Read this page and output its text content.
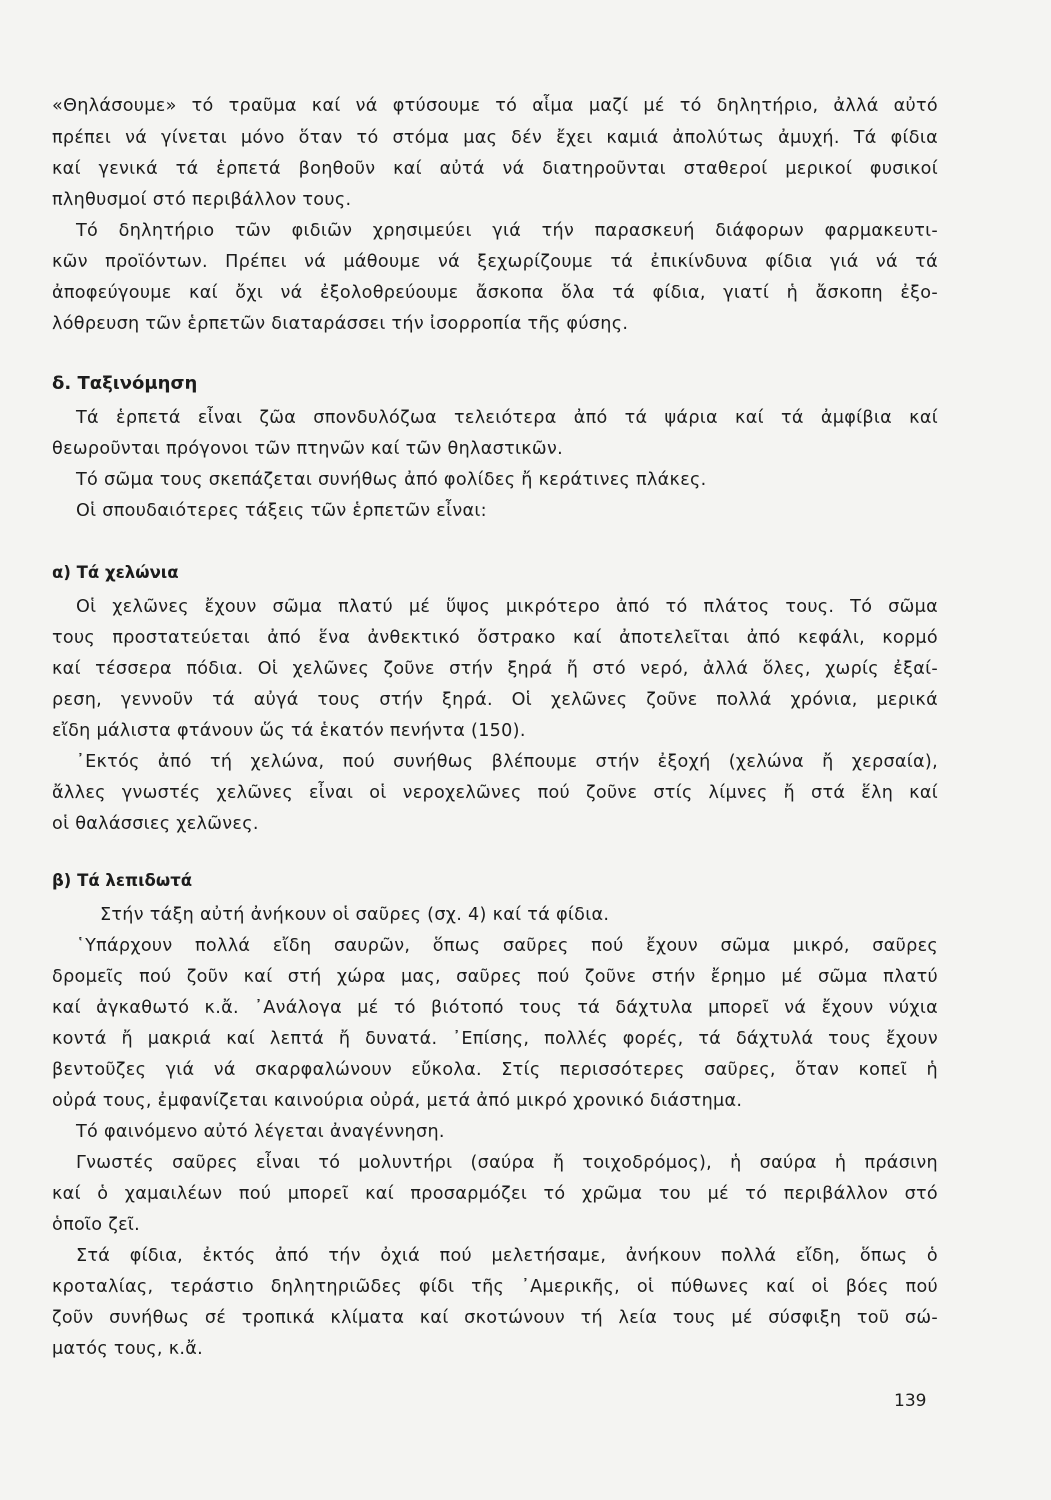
«Θηλάσουμε» τό τραῦμα καί νά φτύσουμε τό αἷμα μαζί μέ τό δηλητήριο, ἀλλά αὐτό
πρέπει νά γίνεται μόνο ὅταν τό στόμα μας δέν ἔχει καμιά ἀπολύτως ἀμυχή. Τά φίδια
καί γενικά τά ἑρπετά βοηθοῦν καί αὐτά νά διατηροῦνται σταθεροί μερικοί φυσικοί
πληθυσμοί στό περιβάλλον τους.
Τό δηλητήριο τῶν φιδιῶν χρησιμεύει γιά τήν παρασκευή διάφορων φαρμακευτι-
κῶν προϊόντων. Πρέπει νά μάθουμε νά ξεχωρίζουμε τά ἐπικίνδυνα φίδια γιά νά τά
ἀποφεύγουμε καί ὄχι νά ἐξολοθρεύουμε ἄσκοπα ὅλα τά φίδια, γιατί ἡ ἄσκοπη ἐξο-
λόθρευση τῶν ἑρπετῶν διαταράσσει τήν ἰσορροπία τῆς φύσης.
δ. Ταξινόμηση
Τά ἑρπετά εἶναι ζῶα σπονδυλόζωα τελειότερα ἀπό τά ψάρια καί τά ἀμφίβια καί
θεωροῦνται πρόγονοι τῶν πτηνῶν καί τῶν θηλαστικῶν.
Τό σῶμα τους σκεπάζεται συνήθως ἀπό φολίδες ἤ κεράτινες πλάκες.
Οἱ σπουδαιότερες τάξεις τῶν ἑρπετῶν εἶναι:
α) Τά χελώνια
Οἱ χελῶνες ἔχουν σῶμα πλατύ μέ ὕψος μικρότερο ἀπό τό πλάτος τους. Τό σῶμα
τους προστατεύεται ἀπό ἕνα ἀνθεκτικό ὄστρακο καί ἀποτελεῖται ἀπό κεφάλι, κορμό
καί τέσσερα πόδια. Οἱ χελῶνες ζοῦνε στήν ξηρά ἤ στό νερό, ἀλλά ὅλες, χωρίς ἐξαί-
ρεση, γεννοῦν τά αὐγά τους στήν ξηρά. Οἱ χελῶνες ζοῦνε πολλά χρόνια, μερικά
εἴδη μάλιστα φτάνουν ὥς τά ἑκατόν πενήντα (150).
᾿Εκτός ἀπό τή χελώνα, πού συνήθως βλέπουμε στήν ἐξοχή (χελώνα ἤ χερσαία),
ἄλλες γνωστές χελῶνες εἶναι οἱ νεροχελῶνες πού ζοῦνε στίς λίμνες ἤ στά ἕλη καί
οἱ θαλάσσιες χελῶνες.
β) Τά λεπιδωτά
Στήν τάξη αὐτή ἀνήκουν οἱ σαῦρες (σχ. 4) καί τά φίδια.
῾Υπάρχουν πολλά εἴδη σαυρῶν, ὅπως σαῦρες πού ἔχουν σῶμα μικρό, σαῦρες
δρομεῖς πού ζοῦν καί στή χώρα μας, σαῦρες πού ζοῦνε στήν ἔρημο μέ σῶμα πλατύ
καί ἀγκαθωτό κ.ἄ. ᾿Ανάλογα μέ τό βιότοπό τους τά δάχτυλα μπορεῖ νά ἔχουν νύχια
κοντά ἤ μακριά καί λεπτά ἤ δυνατά. ᾿Επίσης, πολλές φορές, τά δάχτυλά τους ἔχουν
βεντοῦζες γιά νά σκαρφαλώνουν εὔκολα. Στίς περισσότερες σαῦρες, ὅταν κοπεῖ ἡ
οὐρά τους, ἐμφανίζεται καινούρια οὐρά, μετά ἀπό μικρό χρονικό διάστημα.
Τό φαινόμενο αὐτό λέγεται ἀναγέννηση.
Γνωστές σαῦρες εἶναι τό μολυντήρι (σαύρα ἤ τοιχοδρόμος), ἡ σαύρα ἡ πράσινη
καί ὁ χαμαιλέων πού μπορεῖ καί προσαρμόζει τό χρῶμα του μέ τό περιβάλλον στό
ὁποῖο ζεῖ.
Στά φίδια, ἐκτός ἀπό τήν ὀχιά πού μελετήσαμε, ἀνήκουν πολλά εἴδη, ὅπως ὁ
κροταλίας, τεράστιο δηλητηριῶδες φίδι τῆς ᾿Αμερικῆς, οἱ πύθωνες καί οἱ βόες πού
ζοῦν συνήθως σέ τροπικά κλίματα καί σκοτώνουν τή λεία τους μέ σύσφιξη τοῦ σώ-
ματός τους, κ.ἄ.
139
